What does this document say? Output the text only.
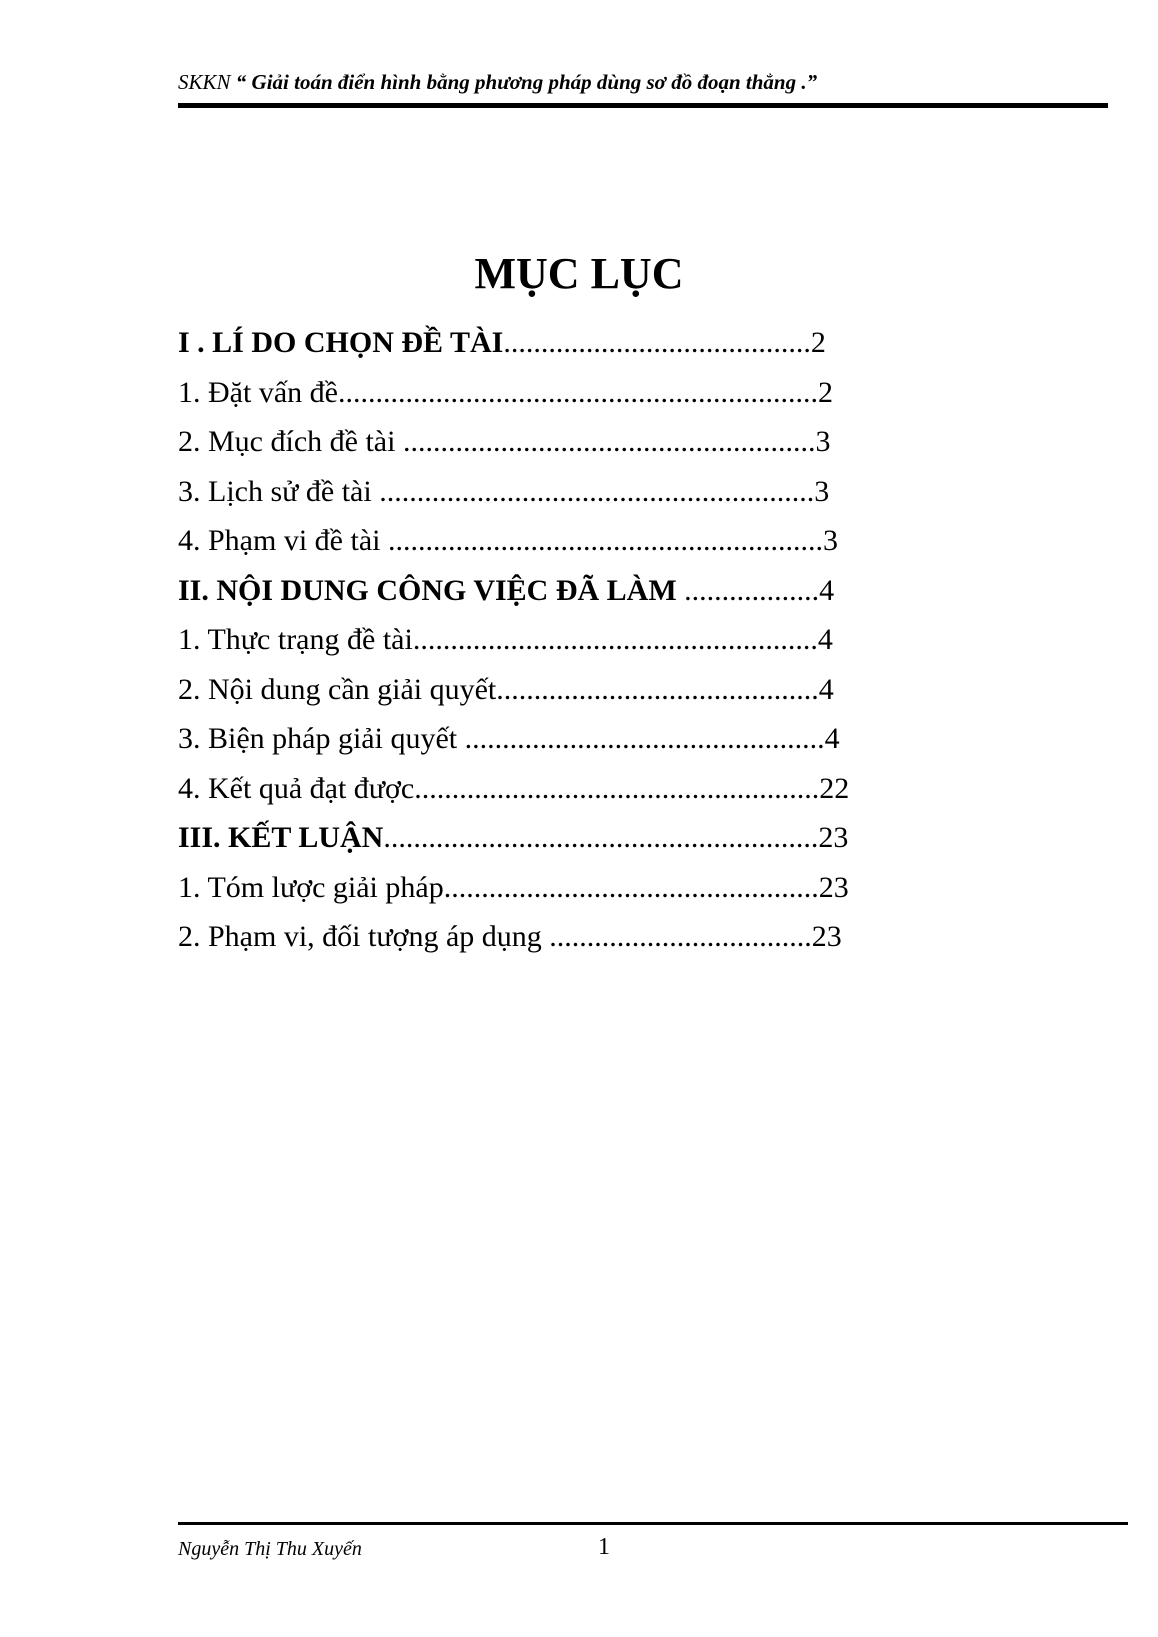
SKKN “ Giải toán điển hình bằng phương pháp dùng sơ đồ đoạn thẳng .”
MỤC LỤC
I . LÍ DO CHỌN ĐỀ TÀI.........................................2
1. Đặt vấn đề................................................................2
2. Mục đích đề tài .......................................................3
3. Lịch sử đề tài ..........................................................3
4. Phạm vi đề tài ..........................................................3
II. NỘI DUNG CÔNG VIỆC ĐÃ LÀM ..................4
1. Thực trạng đề tài......................................................4
2. Nội dung cần giải quyết...........................................4
3. Biện pháp giải quyết ................................................4
4. Kết quả đạt được......................................................22
III. KẾT LUẬN..........................................................23
1. Tóm lược giải pháp..................................................23
2. Phạm vi, đối tượng áp dụng ...................................23
Nguyễn Thị Thu Xuyến	1
